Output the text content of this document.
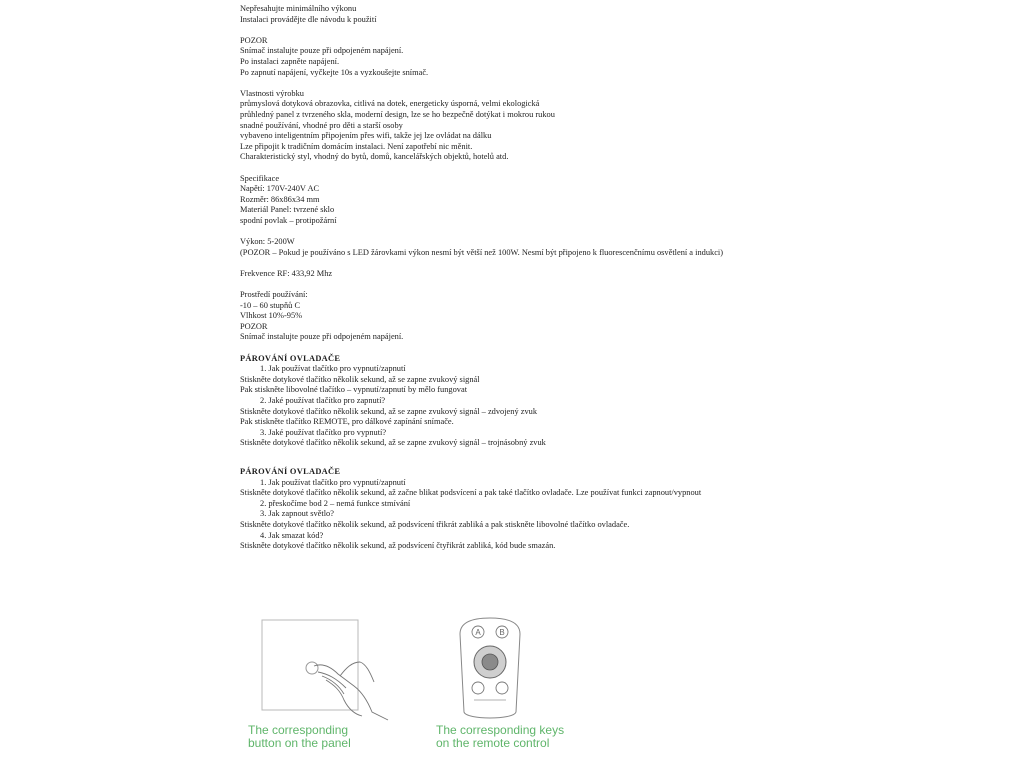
Nepřesahujte minimálního výkonu

Instalaci provádějte dle návodu k použití

POZOR

Snímač instalujte pouze při odpojeném napájení.

Po instalaci zapněte napájení.

Po zapnutí napájení, vyčkejte 10s a vyzkoušejte snímač.

Vlastnosti výrobku

průmyslová dotyková obrazovka, citlivá na dotek, energeticky úsporná, velmi ekologická

průhledný panel z tvrzeného skla, moderní design, lze se ho bezpečně dotýkat i mokrou rukou

snadné používání, vhodné pro děti a starší osoby

vybaveno inteligentním připojením přes wifi, takže jej lze ovládat na dálku

Lze připojit k tradičním domácím instalaci. Není zapotřebí nic měnit.

Charakteristický styl, vhodný do bytů, domů, kancelářských objektů, hotelů atd.

Specifikace

Napětí: 170V-240V AC

Rozměr: 86x86x34 mm

Materiál Panel: tvrzené sklo

spodní povlak – protipožární

Výkon: 5-200W

(POZOR – Pokud je používáno s LED žárovkami výkon nesmí být větší než 100W. Nesmí být připojeno k fluorescenčnímu osvětlení a indukci)

Frekvence RF: 433,92 Mhz

Prostředí používání:

-10 – 60 stupňů C

Vlhkost 10%-95%

POZOR

Snímač instalujte pouze při odpojeném napájení.

PÁROVÁNÍ OVLADAČE

1. Jak používat tlačítko pro vypnutí/zapnutí

Stiskněte dotykové tlačítko několik sekund, až se zapne zvukový signál

Pak stiskněte libovolné tlačítko – vypnutí/zapnutí by mělo fungovat

2. Jaké používat tlačítko pro zapnutí?

Stiskněte dotykové tlačítko několik sekund, až se zapne zvukový signál – zdvojený zvuk

Pak stiskněte tlačítko REMOTE, pro dálkové zapínání snímače.

3. Jaké používat tlačítko pro vypnutí?

Stiskněte dotykové tlačítko několik sekund, až se zapne zvukový signál – trojnásobný zvuk

PÁROVÁNÍ OVLADAČE

1. Jak používat tlačítko pro vypnutí/zapnutí

Stiskněte dotykové tlačítko několik sekund, až začne blikat podsvícení a pak také tlačítko ovladače. Lze používat funkci zapnout/vypnout

2. přeskočíme bod 2 – nemá funkce stmívání

3. Jak zapnout světlo?

Stiskněte dotykové tlačítko několik sekund, až podsvícení třikrát zabliká a pak stiskněte libovolné tlačítko ovladače.

4. Jak smazat kód?

Stiskněte dotykové tlačítko několik sekund, až podsvícení čtyřikrát zabliká, kód bude smazán.

The corresponding
button on the panel
A B
The corresponding keys
on the remote control
